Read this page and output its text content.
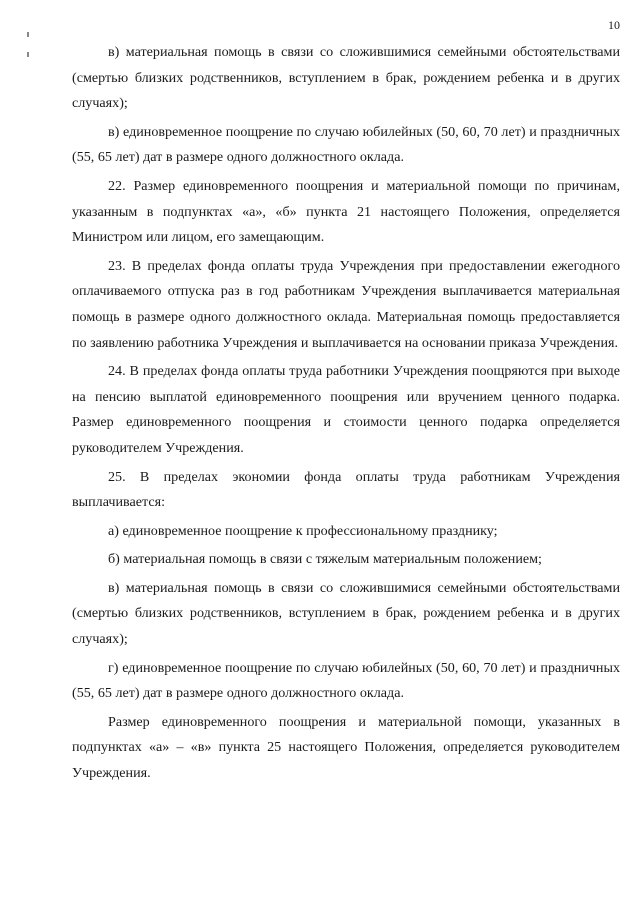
10

в) материальная помощь в связи со сложившимися семейными обстоятельствами (смертью близких родственников, вступлением в брак, рождением ребенка и в других случаях);

в) единовременное поощрение по случаю юбилейных (50, 60, 70 лет) и праздничных (55, 65 лет) дат в размере одного должностного оклада.

22. Размер единовременного поощрения и материальной помощи по причинам, указанным в подпунктах «а», «б» пункта 21 настоящего Положения, определяется Министром или лицом, его замещающим.

23. В пределах фонда оплаты труда Учреждения при предоставлении ежегодного оплачиваемого отпуска раз в год работникам Учреждения выплачивается материальная помощь в размере одного должностного оклада. Материальная помощь предоставляется по заявлению работника Учреждения и выплачивается на основании приказа Учреждения.

24. В пределах фонда оплаты труда работники Учреждения поощряются при выходе на пенсию выплатой единовременного поощрения или вручением ценного подарка. Размер единовременного поощрения и стоимости ценного подарка определяется руководителем Учреждения.

25. В пределах экономии фонда оплаты труда работникам Учреждения выплачивается:

а) единовременное поощрение к профессиональному празднику;

б) материальная помощь в связи с тяжелым материальным положением;

в) материальная помощь в связи со сложившимися семейными обстоятельствами (смертью близких родственников, вступлением в брак, рождением ребенка и в других случаях);

г) единовременное поощрение по случаю юбилейных (50, 60, 70 лет) и праздничных (55, 65 лет) дат в размере одного должностного оклада.

Размер единовременного поощрения и материальной помощи, указанных в подпунктах «а» – «в» пункта 25 настоящего Положения, определяется руководителем Учреждения.
